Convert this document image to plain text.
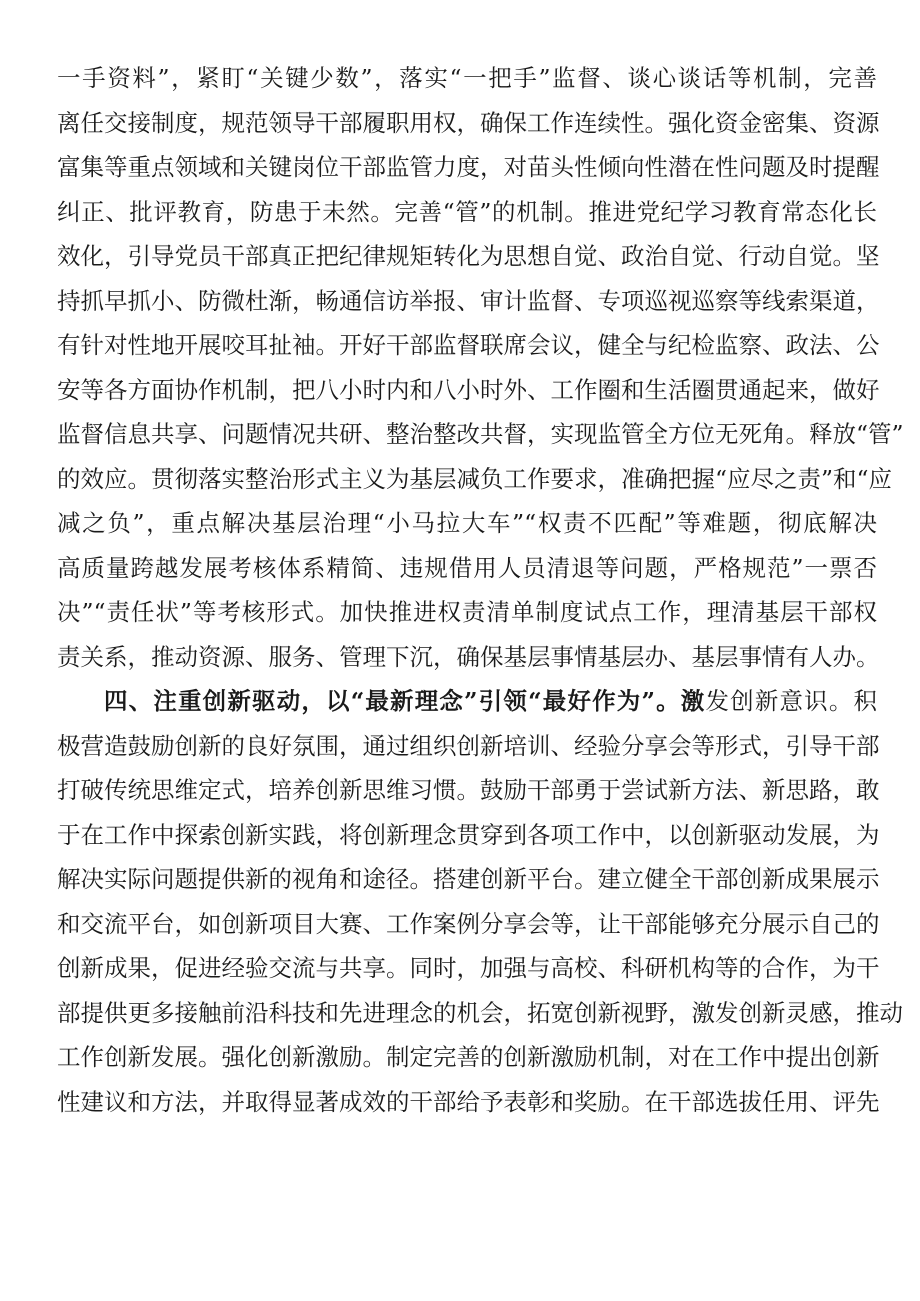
一手资料”，紧盯“关键少数”，落实“一把手”监督、谈心谈话等机制，完善
离任交接制度，规范领导干部履职用权，确保工作连续性。强化资金密集、资源
富集等重点领域和关键岗位干部监管力度，对苗头性倾向性潜在性问题及时提醒
纠正、批评教育，防患于未然。完善“管”的机制。推进党纪学习教育常态化长
效化，引导党员干部真正把纪律规矩转化为思想自觉、政治自觉、行动自觉。坚
持抓早抓小、防微杜渐，畅通信访举报、审计监督、专项巡视巡察等线索渠道，
有针对性地开展咬耳扯袖。开好干部监督联席会议，健全与纪检监察、政法、公
安等各方面协作机制，把八小时内和八小时外、工作圈和生活圈贯通起来，做好
监督信息共享、问题情况共研、整治整改共督，实现监管全方位无死角。释放“管”
的效应。贯彻落实整治形式主义为基层减负工作要求，准确把握“应尽之责”和“应
减之负”，重点解决基层治理“小马拉大车”“权责不匹配”等难题，彻底解决
高质量跨越发展考核体系精简、违规借用人员清退等问题，严格规范”一票否
决”“责任状”等考核形式。加快推进权责清单制度试点工作，理清基层干部权
责关系，推动资源、服务、管理下沉，确保基层事情基层办、基层事情有人办。
四、注重创新驱动，以“最新理念”引领“最好作为”。激发创新意识。积
极营造鼓励创新的良好氛围，通过组织创新培训、经验分享会等形式，引导干部
打破传统思维定式，培养创新思维习惯。鼓励干部勇于尝试新方法、新思路，敢
于在工作中探索创新实践，将创新理念贯穿到各项工作中，以创新驱动发展，为
解决实际问题提供新的视角和途径。搭建创新平台。建立健全干部创新成果展示
和交流平台，如创新项目大赛、工作案例分享会等，让干部能够充分展示自己的
创新成果，促进经验交流与共享。同时，加强与高校、科研机构等的合作，为干
部提供更多接触前沿科技和先进理念的机会，拓宽创新视野，激发创新灵感，推动
工作创新发展。强化创新激励。制定完善的创新激励机制，对在工作中提出创新
性建议和方法，并取得显著成效的干部给予表彰和奖励。在干部选拔任用、评先
